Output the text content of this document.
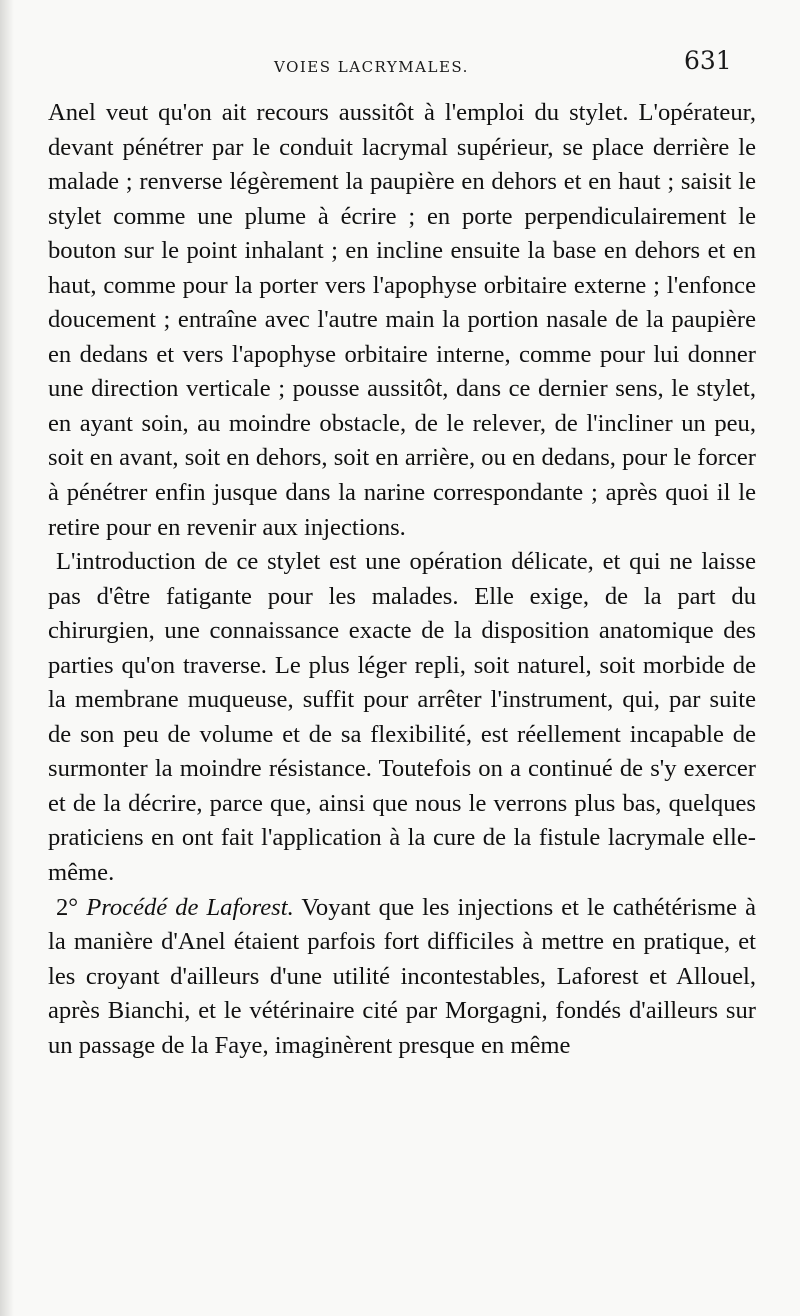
VOIES LACRYMALES.	631

Anel veut qu'on ait recours aussitôt à l'emploi du stylet. L'opérateur, devant pénétrer par le conduit lacrymal supérieur, se place derrière le malade ; renverse légèrement la paupière en dehors et en haut ; saisit le stylet comme une plume à écrire ; en porte perpendiculairement le bouton sur le point inhalant ; en incline ensuite la base en dehors et en haut, comme pour la porter vers l'apophyse orbitaire externe ; l'enfonce doucement ; entraîne avec l'autre main la portion nasale de la paupière en dedans et vers l'apophyse orbitaire interne, comme pour lui donner une direction verticale ; pousse aussitôt, dans ce dernier sens, le stylet, en ayant soin, au moindre obstacle, de le relever, de l'incliner un peu, soit en avant, soit en dehors, soit en arrière, ou en dedans, pour le forcer à pénétrer enfin jusque dans la narine correspondante ; après quoi il le retire pour en revenir aux injections.

L'introduction de ce stylet est une opération délicate, et qui ne laisse pas d'être fatigante pour les malades. Elle exige, de la part du chirurgien, une connaissance exacte de la disposition anatomique des parties qu'on traverse. Le plus léger repli, soit naturel, soit morbide de la membrane muqueuse, suffit pour arrêter l'instrument, qui, par suite de son peu de volume et de sa flexibilité, est réellement incapable de surmonter la moindre résistance. Toutefois on a continué de s'y exercer et de la décrire, parce que, ainsi que nous le verrons plus bas, quelques praticiens en ont fait l'application à la cure de la fistule lacrymale elle-même.

2° Procédé de Laforest. Voyant que les injections et le cathétérisme à la manière d'Anel étaient parfois fort difficiles à mettre en pratique, et les croyant d'ailleurs d'une utilité incontestables, Laforest et Allouel, après Bianchi, et le vétérinaire cité par Morgagni, fondés d'ailleurs sur un passage de la Faye, imaginèrent presque en même
